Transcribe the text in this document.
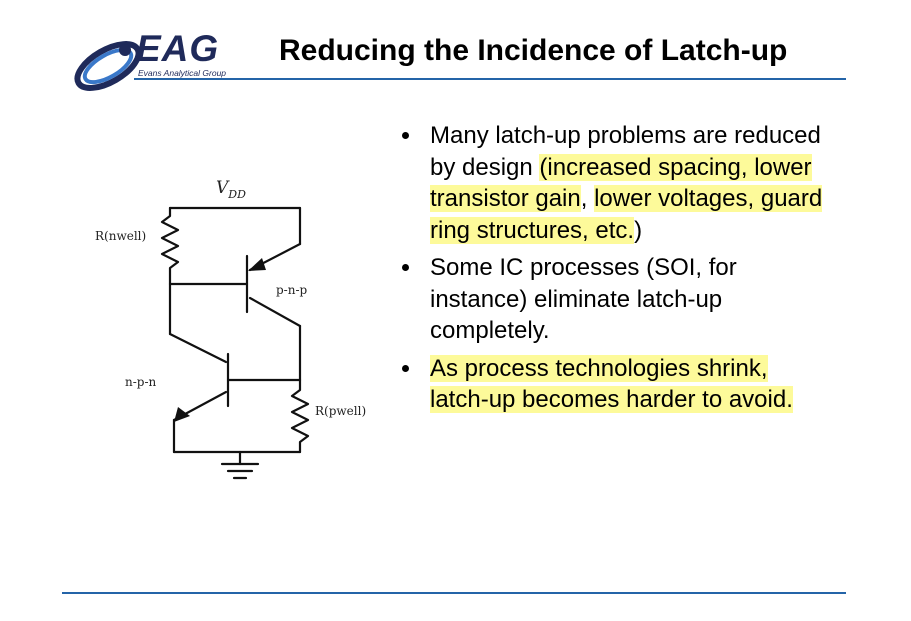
EAG
Evans Analytical Group
Reducing the Incidence of Latch-up
$V_{DD}$
R(nwell)
p-n-p
n-p-n
R(pwell)
Many latch-up problems are reduced by design (increased spacing, lower transistor gain, lower voltages, guard ring structures, etc.)
Some IC processes (SOI, for instance) eliminate latch-up completely.
As process technologies shrink, latch-up becomes harder to avoid.
